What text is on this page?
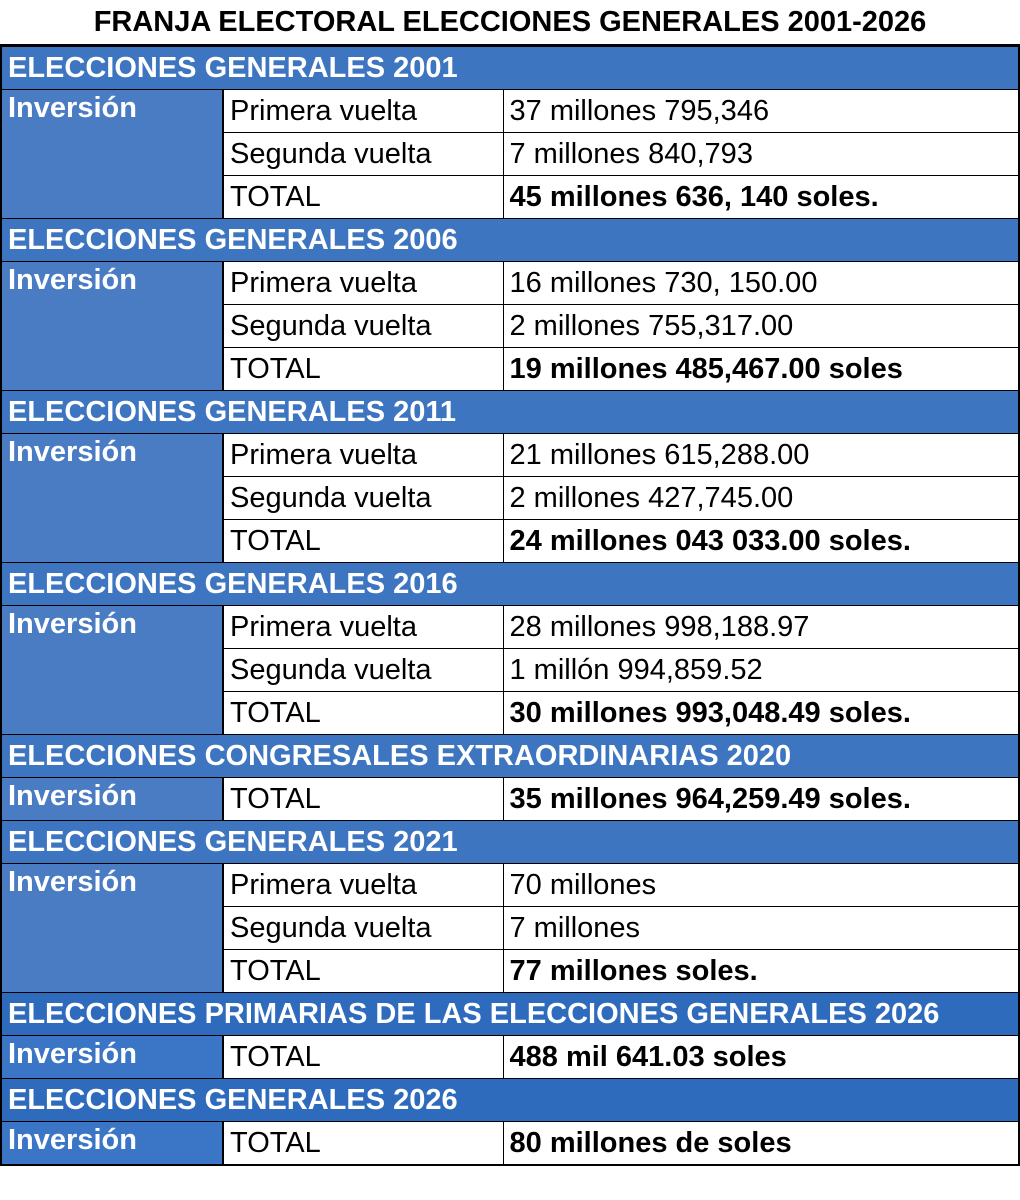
FRANJA ELECTORAL ELECCIONES GENERALES 2001-2026
ELECCIONES GENERALES 2001		
Inversión	Primera vuelta	37 millones 795,346
	Segunda vuelta	7 millones 840,793
	TOTAL	45 millones 636, 140 soles.
ELECCIONES GENERALES 2006		
Inversión	Primera vuelta	16 millones 730, 150.00
	Segunda vuelta	2 millones 755,317.00
	TOTAL	19 millones 485,467.00 soles
ELECCIONES GENERALES 2011		
Inversión	Primera vuelta	21 millones 615,288.00
	Segunda vuelta	2 millones 427,745.00
	TOTAL	24 millones 043 033.00 soles.
ELECCIONES GENERALES 2016		
Inversión	Primera vuelta	28 millones 998,188.97
	Segunda vuelta	1 millón 994,859.52
	TOTAL	30 millones 993,048.49 soles.
ELECCIONES CONGRESALES EXTRAORDINARIAS 2020		
Inversión	TOTAL	35 millones 964,259.49 soles.
ELECCIONES GENERALES 2021		
Inversión	Primera vuelta	70 millones
	Segunda vuelta	7 millones
	TOTAL	77 millones soles.
ELECCIONES PRIMARIAS DE LAS ELECCIONES GENERALES 2026		
Inversión	TOTAL	488 mil 641.03 soles
ELECCIONES GENERALES 2026		
Inversión	TOTAL	80 millones de soles
